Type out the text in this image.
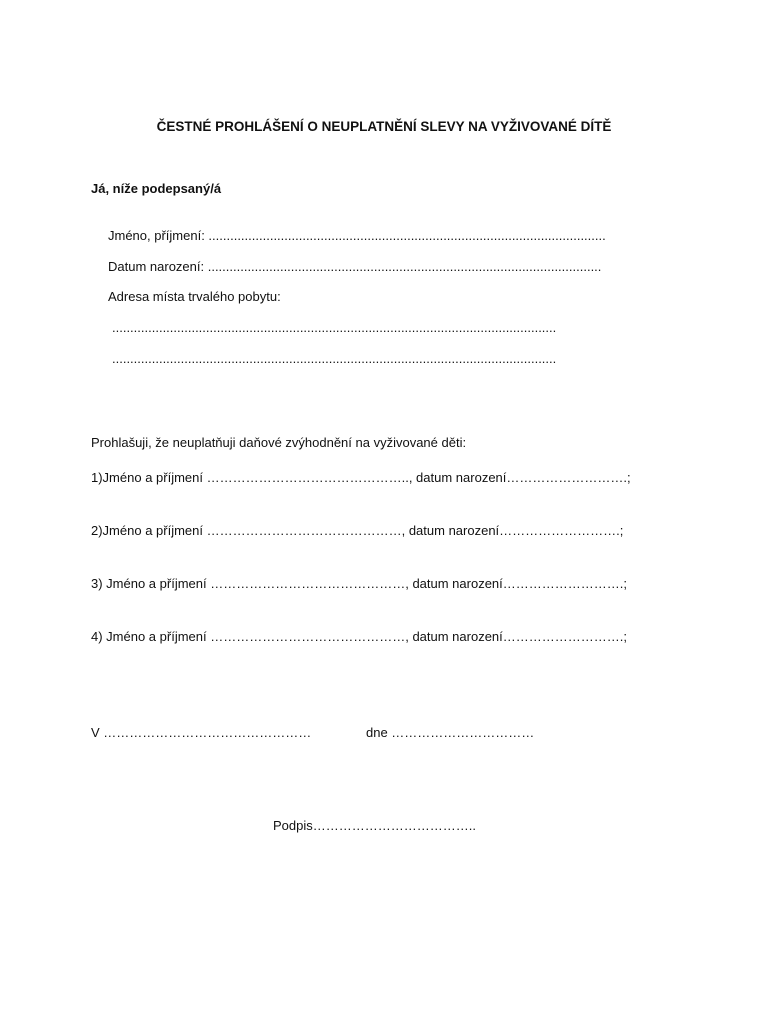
ČESTNÉ PROHLÁŠENÍ O NEUPLATNĚNÍ SLEVY NA VYŽIVOVANÉ DÍTĚ
Já, níže podepsaný/á
Jméno, příjmení: ..............................................................................................................
Datum narození: .............................................................................................................
Adresa místa trvalého pobytu:
...........................................................................................................................
...........................................................................................................................
Prohlašuji, že neuplatňuji daňové zvýhodnění na vyživované děti:
1)Jméno a příjmení ……………………………………….., datum narození……………………….;
2)Jméno a příjmení ………………………………………, datum narození……………………….;
3) Jméno a příjmení ………………………………………, datum narození……………………….;
4) Jméno a příjmení ………………………………………, datum narození……………………….;
V …………………………………………	dne ……………………………
Podpis………………………………..
